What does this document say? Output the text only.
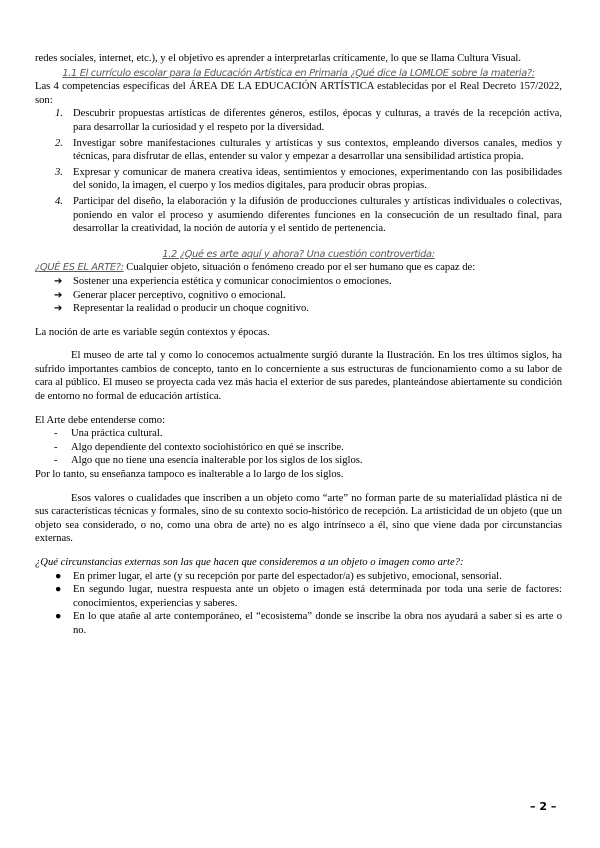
redes sociales, internet, etc.), y el objetivo es aprender a interpretarlas críticamente, lo que se llama Cultura Visual.

1.1 El currículo escolar para la Educación Artística en Primaria ¿Qué dice la LOMLOE sobre la materia?:

Las 4 competencias específicas del ÁREA DE LA EDUCACIÓN ARTÍSTICA establecidas por el Real Decreto 157/2022, son:

1. Descubrir propuestas artísticas de diferentes géneros, estilos, épocas y culturas, a través de la recepción activa, para desarrollar la curiosidad y el respeto por la diversidad.
2. Investigar sobre manifestaciones culturales y artísticas y sus contextos, empleando diversos canales, medios y técnicas, para disfrutar de ellas, entender su valor y empezar a desarrollar una sensibilidad artística propia.
3. Expresar y comunicar de manera creativa ideas, sentimientos y emociones, experimentando con las posibilidades del sonido, la imagen, el cuerpo y los medios digitales, para producir obras propias.
4. Participar del diseño, la elaboración y la difusión de producciones culturales y artísticas individuales o colectivas, poniendo en valor el proceso y asumiendo diferentes funciones en la consecución de un resultado final, para desarrollar la creatividad, la noción de autoría y el sentido de pertenencia.

1.2 ¿Qué es arte aquí y ahora? Una cuestión controvertida:

¿QUÉ ES EL ARTE?: Cualquier objeto, situación o fenómeno creado por el ser humano que es capaz de:

➔ Sostener una experiencia estética y comunicar conocimientos o emociones.
➔ Generar placer perceptivo, cognitivo o emocional.
➔ Representar la realidad o producir un choque cognitivo.

La noción de arte es variable según contextos y épocas.

El museo de arte tal y como lo conocemos actualmente surgió durante la Ilustración. En los tres últimos siglos, ha sufrido importantes cambios de concepto, tanto en lo concerniente a sus estructuras de funcionamiento como a su labor de cara al público. El museo se proyecta cada vez más hacia el exterior de sus paredes, planteándose abiertamente su condición de entorno no formal de educación artística.

El Arte debe entenderse como:

- Una práctica cultural.
- Algo dependiente del contexto sociohistórico en qué se inscribe.
- Algo que no tiene una esencia inalterable por los siglos de los siglos.

Por lo tanto, su enseñanza tampoco es inalterable a lo largo de los siglos.

Esos valores o cualidades que inscriben a un objeto como “arte” no forman parte de su materialidad plástica ni de sus características técnicas y formales, sino de su contexto socio-histórico de recepción. La artisticidad de un objeto (que un objeto sea considerado, o no, como una obra de arte) no es algo intrínseco a él, sino que viene dada por circunstancias externas.

¿Qué circunstancias externas son las que hacen que consideremos a un objeto o imagen como arte?:

● En primer lugar, el arte (y su recepción por parte del espectador/a) es subjetivo, emocional, sensorial.
● En segundo lugar, nuestra respuesta ante un objeto o imagen está determinada por toda una serie de factores: conocimientos, experiencias y saberes.
● En lo que atañe al arte contemporáneo, el “ecosistema” donde se inscribe la obra nos ayudará a saber si es arte o no.
– 2 –
